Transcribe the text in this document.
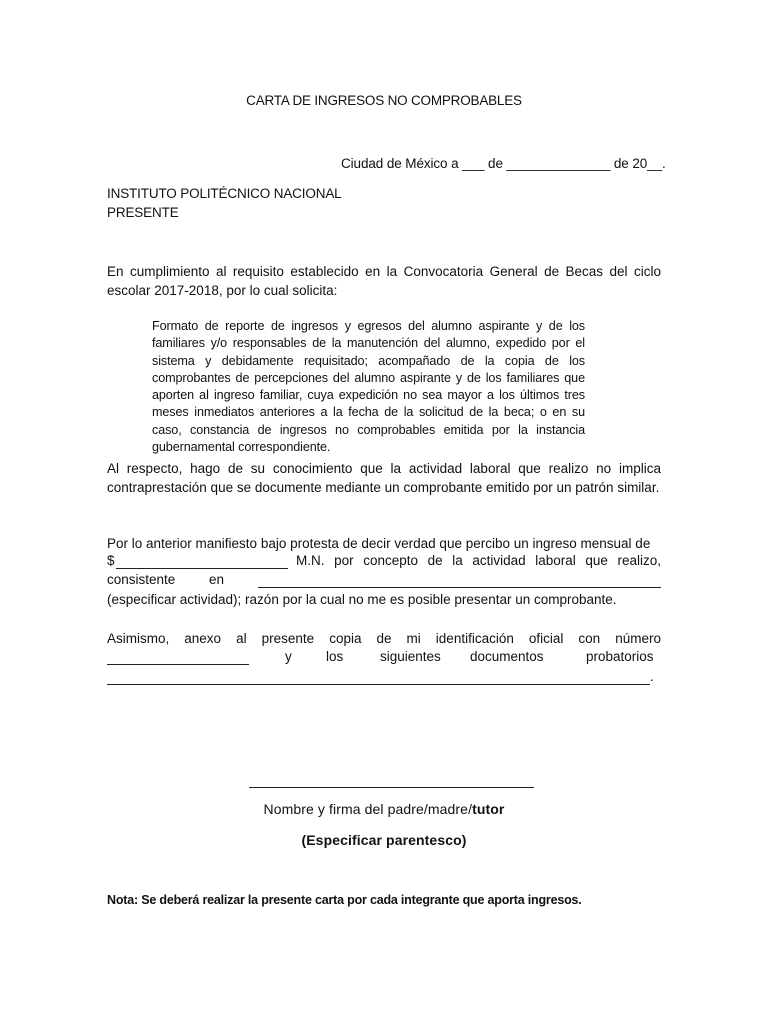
CARTA DE INGRESOS NO COMPROBABLES

Ciudad de México a ___ de ______________ de 20__.

INSTITUTO POLITÉCNICO NACIONAL

PRESENTE

En cumplimiento al requisito establecido en la Convocatoria General de Becas del ciclo escolar 2017-2018, por lo cual solicita:

Formato de reporte de ingresos y egresos del alumno aspirante y de los familiares y/o responsables de la manutención del alumno, expedido por el sistema y debidamente requisitado; acompañado de la copia de los comprobantes de percepciones del alumno aspirante y de los familiares que aporten al ingreso familiar, cuya expedición no sea mayor a los últimos tres meses inmediatos anteriores a la fecha de la solicitud de la beca; o en su caso, constancia de ingresos no comprobables emitida por la instancia gubernamental correspondiente.

Al respecto, hago de su conocimiento que la actividad laboral que realizo no implica contraprestación que se documente mediante un comprobante emitido por un patrón similar.

Por lo anterior manifiesto bajo protesta de decir verdad que percibo un ingreso mensual de

$	M.N. por concepto de la actividad laboral que realizo,
consistente en
(especificar actividad); razón por la cual no me es posible presentar un comprobante.

Asimismo, anexo al presente copia de mi identificación oficial con número

y	los	siguientes documentos	probatorios
.

Nombre y firma del padre/madre/tutor

(Especificar parentesco)

Nota: Se deberá realizar la presente carta por cada integrante que aporta ingresos.
